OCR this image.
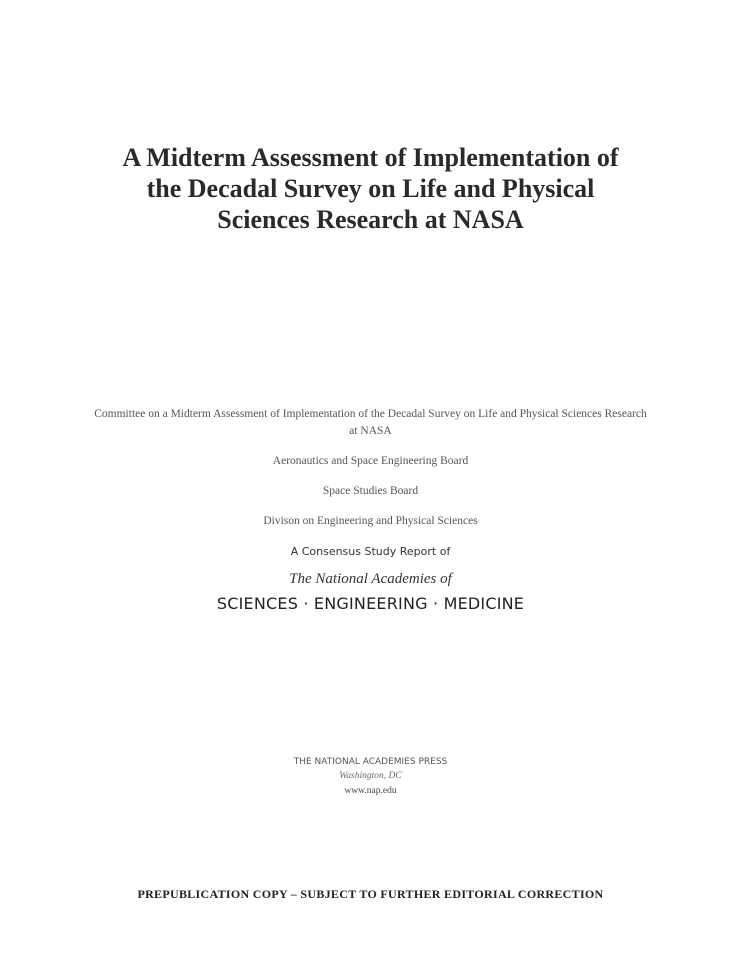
A Midterm Assessment of Implementation of
the Decadal Survey on Life and Physical
Sciences Research at NASA
Committee on a Midterm Assessment of Implementation of the Decadal Survey on Life and Physical Sciences Research at NASA
Aeronautics and Space Engineering Board
Space Studies Board
Divison on Engineering and Physical Sciences
A Consensus Study Report of
The National Academies of
SCIENCES · ENGINEERING · MEDICINE
THE NATIONAL ACADEMIES PRESS
Washington, DC
www.nap.edu
PREPUBLICATION COPY – SUBJECT TO FURTHER EDITORIAL CORRECTION
